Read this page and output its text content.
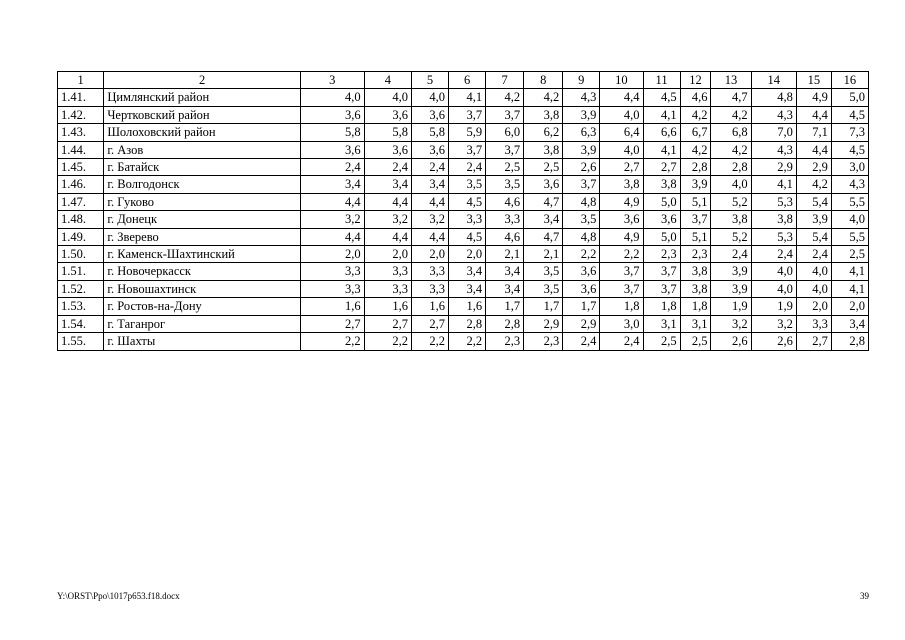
1	2	3	4	5	6	7	8	9	10	11	12	13	14	15	16
1.41.	Цимлянский район	4,0	4,0	4,0	4,1	4,2	4,2	4,3	4,4	4,5	4,6	4,7	4,8	4,9	5,0
1.42.	Чертковский район	3,6	3,6	3,6	3,7	3,7	3,8	3,9	4,0	4,1	4,2	4,2	4,3	4,4	4,5
1.43.	Шолоховский район	5,8	5,8	5,8	5,9	6,0	6,2	6,3	6,4	6,6	6,7	6,8	7,0	7,1	7,3
1.44.	г. Азов	3,6	3,6	3,6	3,7	3,7	3,8	3,9	4,0	4,1	4,2	4,2	4,3	4,4	4,5
1.45.	г. Батайск	2,4	2,4	2,4	2,4	2,5	2,5	2,6	2,7	2,7	2,8	2,8	2,9	2,9	3,0
1.46.	г. Волгодонск	3,4	3,4	3,4	3,5	3,5	3,6	3,7	3,8	3,8	3,9	4,0	4,1	4,2	4,3
1.47.	г. Гуково	4,4	4,4	4,4	4,5	4,6	4,7	4,8	4,9	5,0	5,1	5,2	5,3	5,4	5,5
1.48.	г. Донецк	3,2	3,2	3,2	3,3	3,3	3,4	3,5	3,6	3,6	3,7	3,8	3,8	3,9	4,0
1.49.	г. Зверево	4,4	4,4	4,4	4,5	4,6	4,7	4,8	4,9	5,0	5,1	5,2	5,3	5,4	5,5
1.50.	г. Каменск-Шахтинский	2,0	2,0	2,0	2,0	2,1	2,1	2,2	2,2	2,3	2,3	2,4	2,4	2,4	2,5
1.51.	г. Новочеркасск	3,3	3,3	3,3	3,4	3,4	3,5	3,6	3,7	3,7	3,8	3,9	4,0	4,0	4,1
1.52.	г. Новошахтинск	3,3	3,3	3,3	3,4	3,4	3,5	3,6	3,7	3,7	3,8	3,9	4,0	4,0	4,1
1.53.	г. Ростов-на-Дону	1,6	1,6	1,6	1,6	1,7	1,7	1,7	1,8	1,8	1,8	1,9	1,9	2,0	2,0
1.54.	г. Таганрог	2,7	2,7	2,7	2,8	2,8	2,9	2,9	3,0	3,1	3,1	3,2	3,2	3,3	3,4
1.55.	г. Шахты	2,2	2,2	2,2	2,2	2,3	2,3	2,4	2,4	2,5	2,5	2,6	2,6	2,7	2,8
Y:\ORST\Ppo\1017p653.f18.docx	39
